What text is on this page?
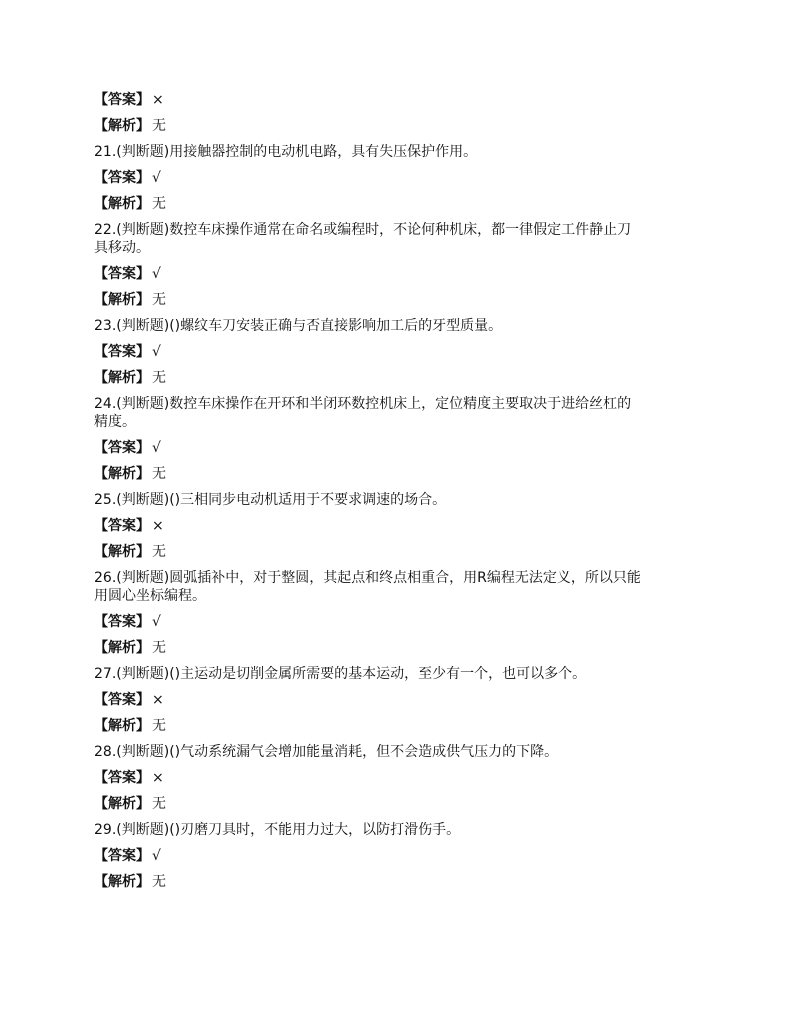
【答案】 ×
【解析】 无
21.(判断题)用接触器控制的电动机电路，具有失压保护作用。
【答案】 √
【解析】 无
22.(判断题)数控车床操作通常在命名或编程时，不论何种机床，都一律假定工件静止刀
具移动。
【答案】 √
【解析】 无
23.(判断题)()螺纹车刀安装正确与否直接影响加工后的牙型质量。
【答案】 √
【解析】 无
24.(判断题)数控车床操作在开环和半闭环数控机床上，定位精度主要取决于进给丝杠的
精度。
【答案】 √
【解析】 无
25.(判断题)()三相同步电动机适用于不要求调速的场合。
【答案】 ×
【解析】 无
26.(判断题)圆弧插补中，对于整圆，其起点和终点相重合，用R编程无法定义，所以只能
用圆心坐标编程。
【答案】 √
【解析】 无
27.(判断题)()主运动是切削金属所需要的基本运动，至少有一个，也可以多个。
【答案】 ×
【解析】 无
28.(判断题)()气动系统漏气会增加能量消耗，但不会造成供气压力的下降。
【答案】 ×
【解析】 无
29.(判断题)()刃磨刀具时，不能用力过大，以防打滑伤手。
【答案】 √
【解析】 无
